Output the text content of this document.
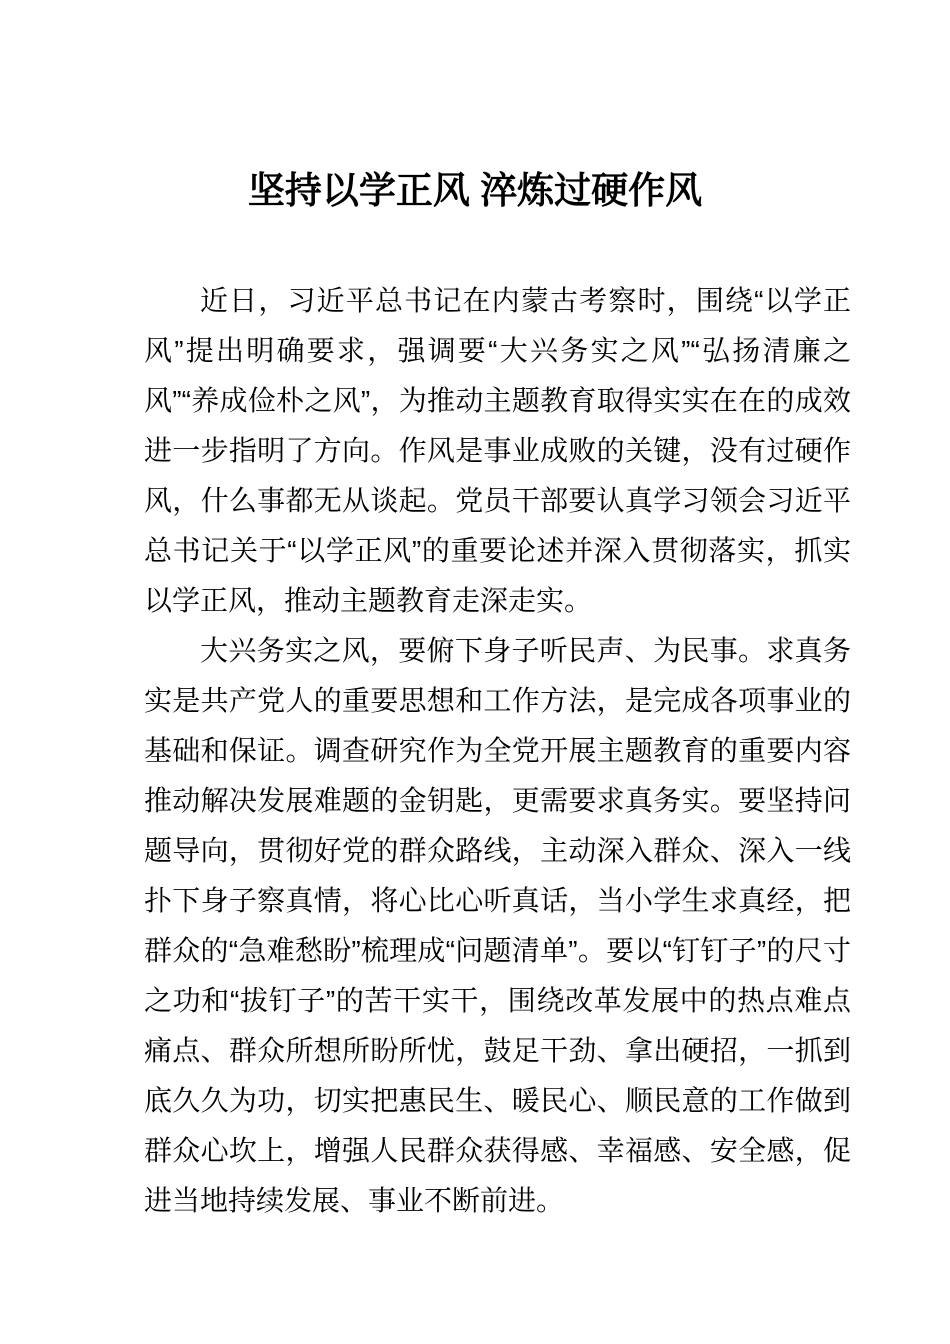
坚持以学正风 淬炼过硬作风

近日，习近平总书记在内蒙古考察时，围绕“以学正风”提出明确要求，强调要“大兴务实之风”“弘扬清廉之风”“养成俭朴之风”，为推动主题教育取得实实在在的成效进一步指明了方向。作风是事业成败的关键，没有过硬作风，什么事都无从谈起。党员干部要认真学习领会习近平总书记关于“以学正风”的重要论述并深入贯彻落实，抓实以学正风，推动主题教育走深走实。

大兴务实之风，要俯下身子听民声、为民事。求真务实是共产党人的重要思想和工作方法，是完成各项事业的基础和保证。调查研究作为全党开展主题教育的重要内容推动解决发展难题的金钥匙，更需要求真务实。要坚持问题导向，贯彻好党的群众路线，主动深入群众、深入一线扑下身子察真情，将心比心听真话，当小学生求真经，把群众的“急难愁盼”梳理成“问题清单”。要以“钉钉子”的尺寸之功和“拔钉子”的苦干实干，围绕改革发展中的热点难点痛点、群众所想所盼所忧，鼓足干劲、拿出硬招，一抓到底久久为功，切实把惠民生、暖民心、顺民意的工作做到群众心坎上，增强人民群众获得感、幸福感、安全感，促进当地持续发展、事业不断前进。
